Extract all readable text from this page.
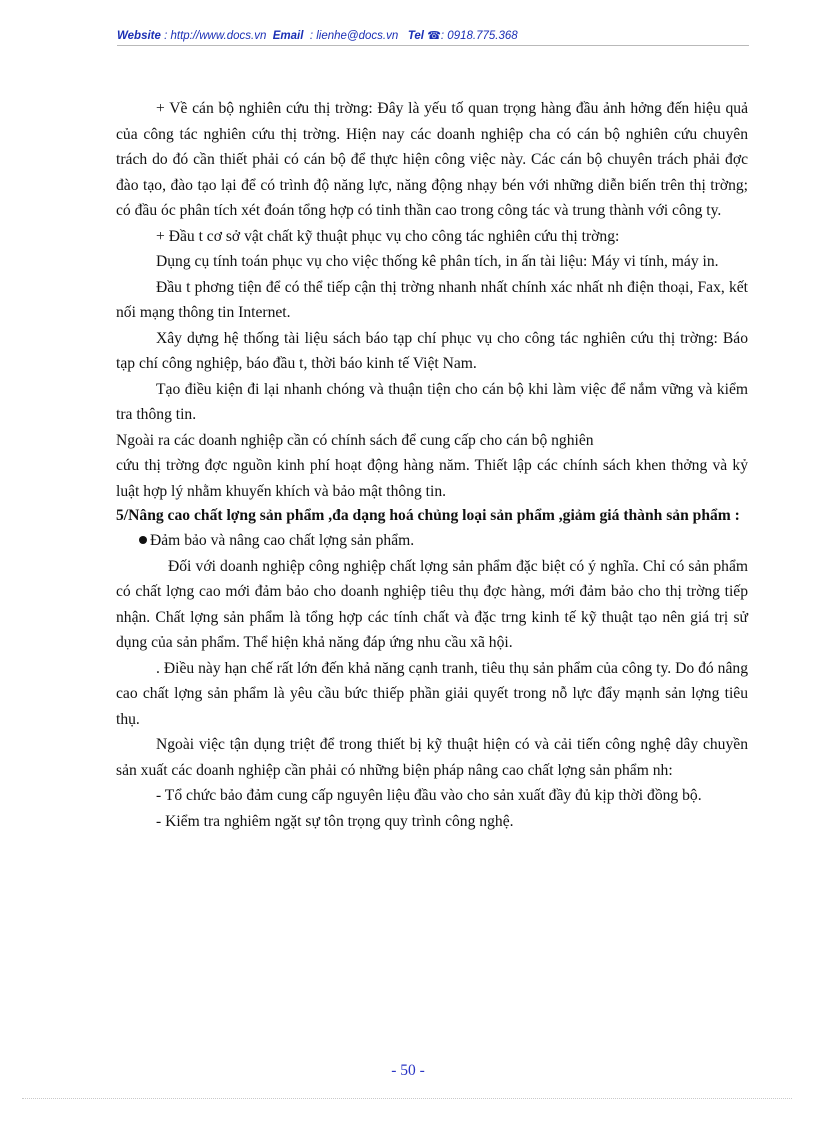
Website : http://www.docs.vn Email : lienhe@docs.vn Tel ☎: 0918.775.368

+ Về cán bộ nghiên cứu thị trờng: Đây là yếu tố quan trọng hàng đầu ảnh hởng đến hiệu quả của công tác nghiên cứu thị trờng. Hiện nay các doanh nghiệp cha có cán bộ nghiên cứu chuyên trách do đó cần thiết phải có cán bộ để thực hiện công việc này. Các cán bộ chuyên trách phải đợc đào tạo, đào tạo lại để có trình độ năng lực, năng động nhạy bén với những diễn biến trên thị trờng; có đầu óc phân tích xét đoán tổng hợp có tinh thần cao trong công tác và trung thành với công ty.

+ Đầu t cơ sở vật chất kỹ thuật phục vụ cho công tác nghiên cứu thị trờng:

Dụng cụ tính toán phục vụ cho việc thống kê phân tích, in ấn tài liệu: Máy vi tính, máy in.

Đầu t phơng tiện để có thể tiếp cận thị trờng nhanh nhất chính xác nhất nh điện thoại, Fax, kết nối mạng thông tin Internet.

Xây dựng hệ thống tài liệu sách báo tạp chí phục vụ cho công tác nghiên cứu thị trờng: Báo tạp chí công nghiệp, báo đầu t, thời báo kinh tế Việt Nam.

Tạo điều kiện đi lại nhanh chóng và thuận tiện cho cán bộ khi làm việc để nắm vững và kiểm tra thông tin.

Ngoài ra các doanh nghiệp cần có chính sách để cung cấp cho cán bộ nghiên

cứu thị trờng đợc nguồn kinh phí hoạt động hàng năm. Thiết lập các chính sách khen thởng và kỷ luật hợp lý nhằm khuyến khích và bảo mật thông tin.

5/Nâng cao chất lợng sản phẩm ,đa dạng hoá chủng loại sản phẩm ,giảm giá thành sản phẩm :

Đảm bảo và nâng cao chất lợng sản phẩm.

Đối với doanh nghiệp công nghiệp chất lợng sản phẩm đặc biệt có ý nghĩa. Chỉ có sản phẩm có chất lợng cao mới đảm bảo cho doanh nghiệp tiêu thụ đợc hàng, mới đảm bảo cho thị trờng tiếp nhận. Chất lợng sản phẩm là tổng hợp các tính chất và đặc trng kinh tế kỹ thuật tạo nên giá trị sử dụng của sản phẩm. Thể hiện khả năng đáp ứng nhu cầu xã hội.

. Điều này hạn chế rất lớn đến khả năng cạnh tranh, tiêu thụ sản phẩm của công ty. Do đó nâng cao chất lợng sản phẩm là yêu cầu bức thiếp phần giải quyết trong nỗ lực đẩy mạnh sản lợng tiêu thụ.

Ngoài việc tận dụng triệt để trong thiết bị kỹ thuật hiện có và cải tiến công nghệ dây chuyền sản xuất các doanh nghiệp cần phải có những biện pháp nâng cao chất lợng sản phẩm nh:

- Tổ chức bảo đảm cung cấp nguyên liệu đầu vào cho sản xuất đầy đủ kịp thời đồng bộ.

- Kiểm tra nghiêm ngặt sự tôn trọng quy trình công nghệ.

- 50 -
